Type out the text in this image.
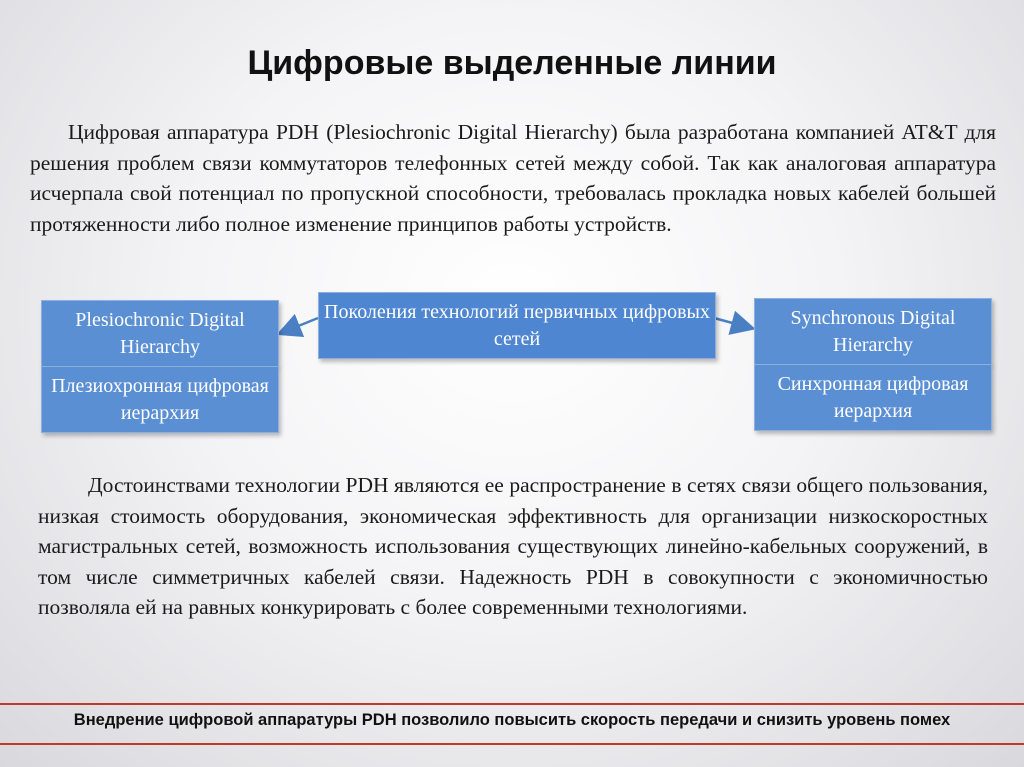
Цифровые выделенные линии

Цифровая аппаратура PDH (Plesiochronic Digital Hierarchy) была разработана компанией AT&T для решения проблем связи коммутаторов телефонных сетей между собой. Так как аналоговая аппаратура исчерпала свой потенциал по пропускной способности, требовалась прокладка новых кабелей большей протяженности либо полное изменение принципов работы устройств.

Plesiochronic Digital Hierarchy
Плезиохронная цифровая иерархия
Поколения технологий первичных цифровых сетей
Synchronous Digital Hierarchy
Синхронная цифровая иерархия

Достоинствами технологии PDH являются ее распространение в сетях связи общего пользования, низкая стоимость оборудования, экономическая эффективность для организации низкоскоростных магистральных сетей, возможность использования существующих линейно-кабельных сооружений, в том числе симметричных кабелей связи. Надежность PDH в совокупности с экономичностью позволяла ей на равных конкурировать с более современными технологиями.

Внедрение цифровой аппаратуры PDH позволило повысить скорость передачи и снизить уровень помех
